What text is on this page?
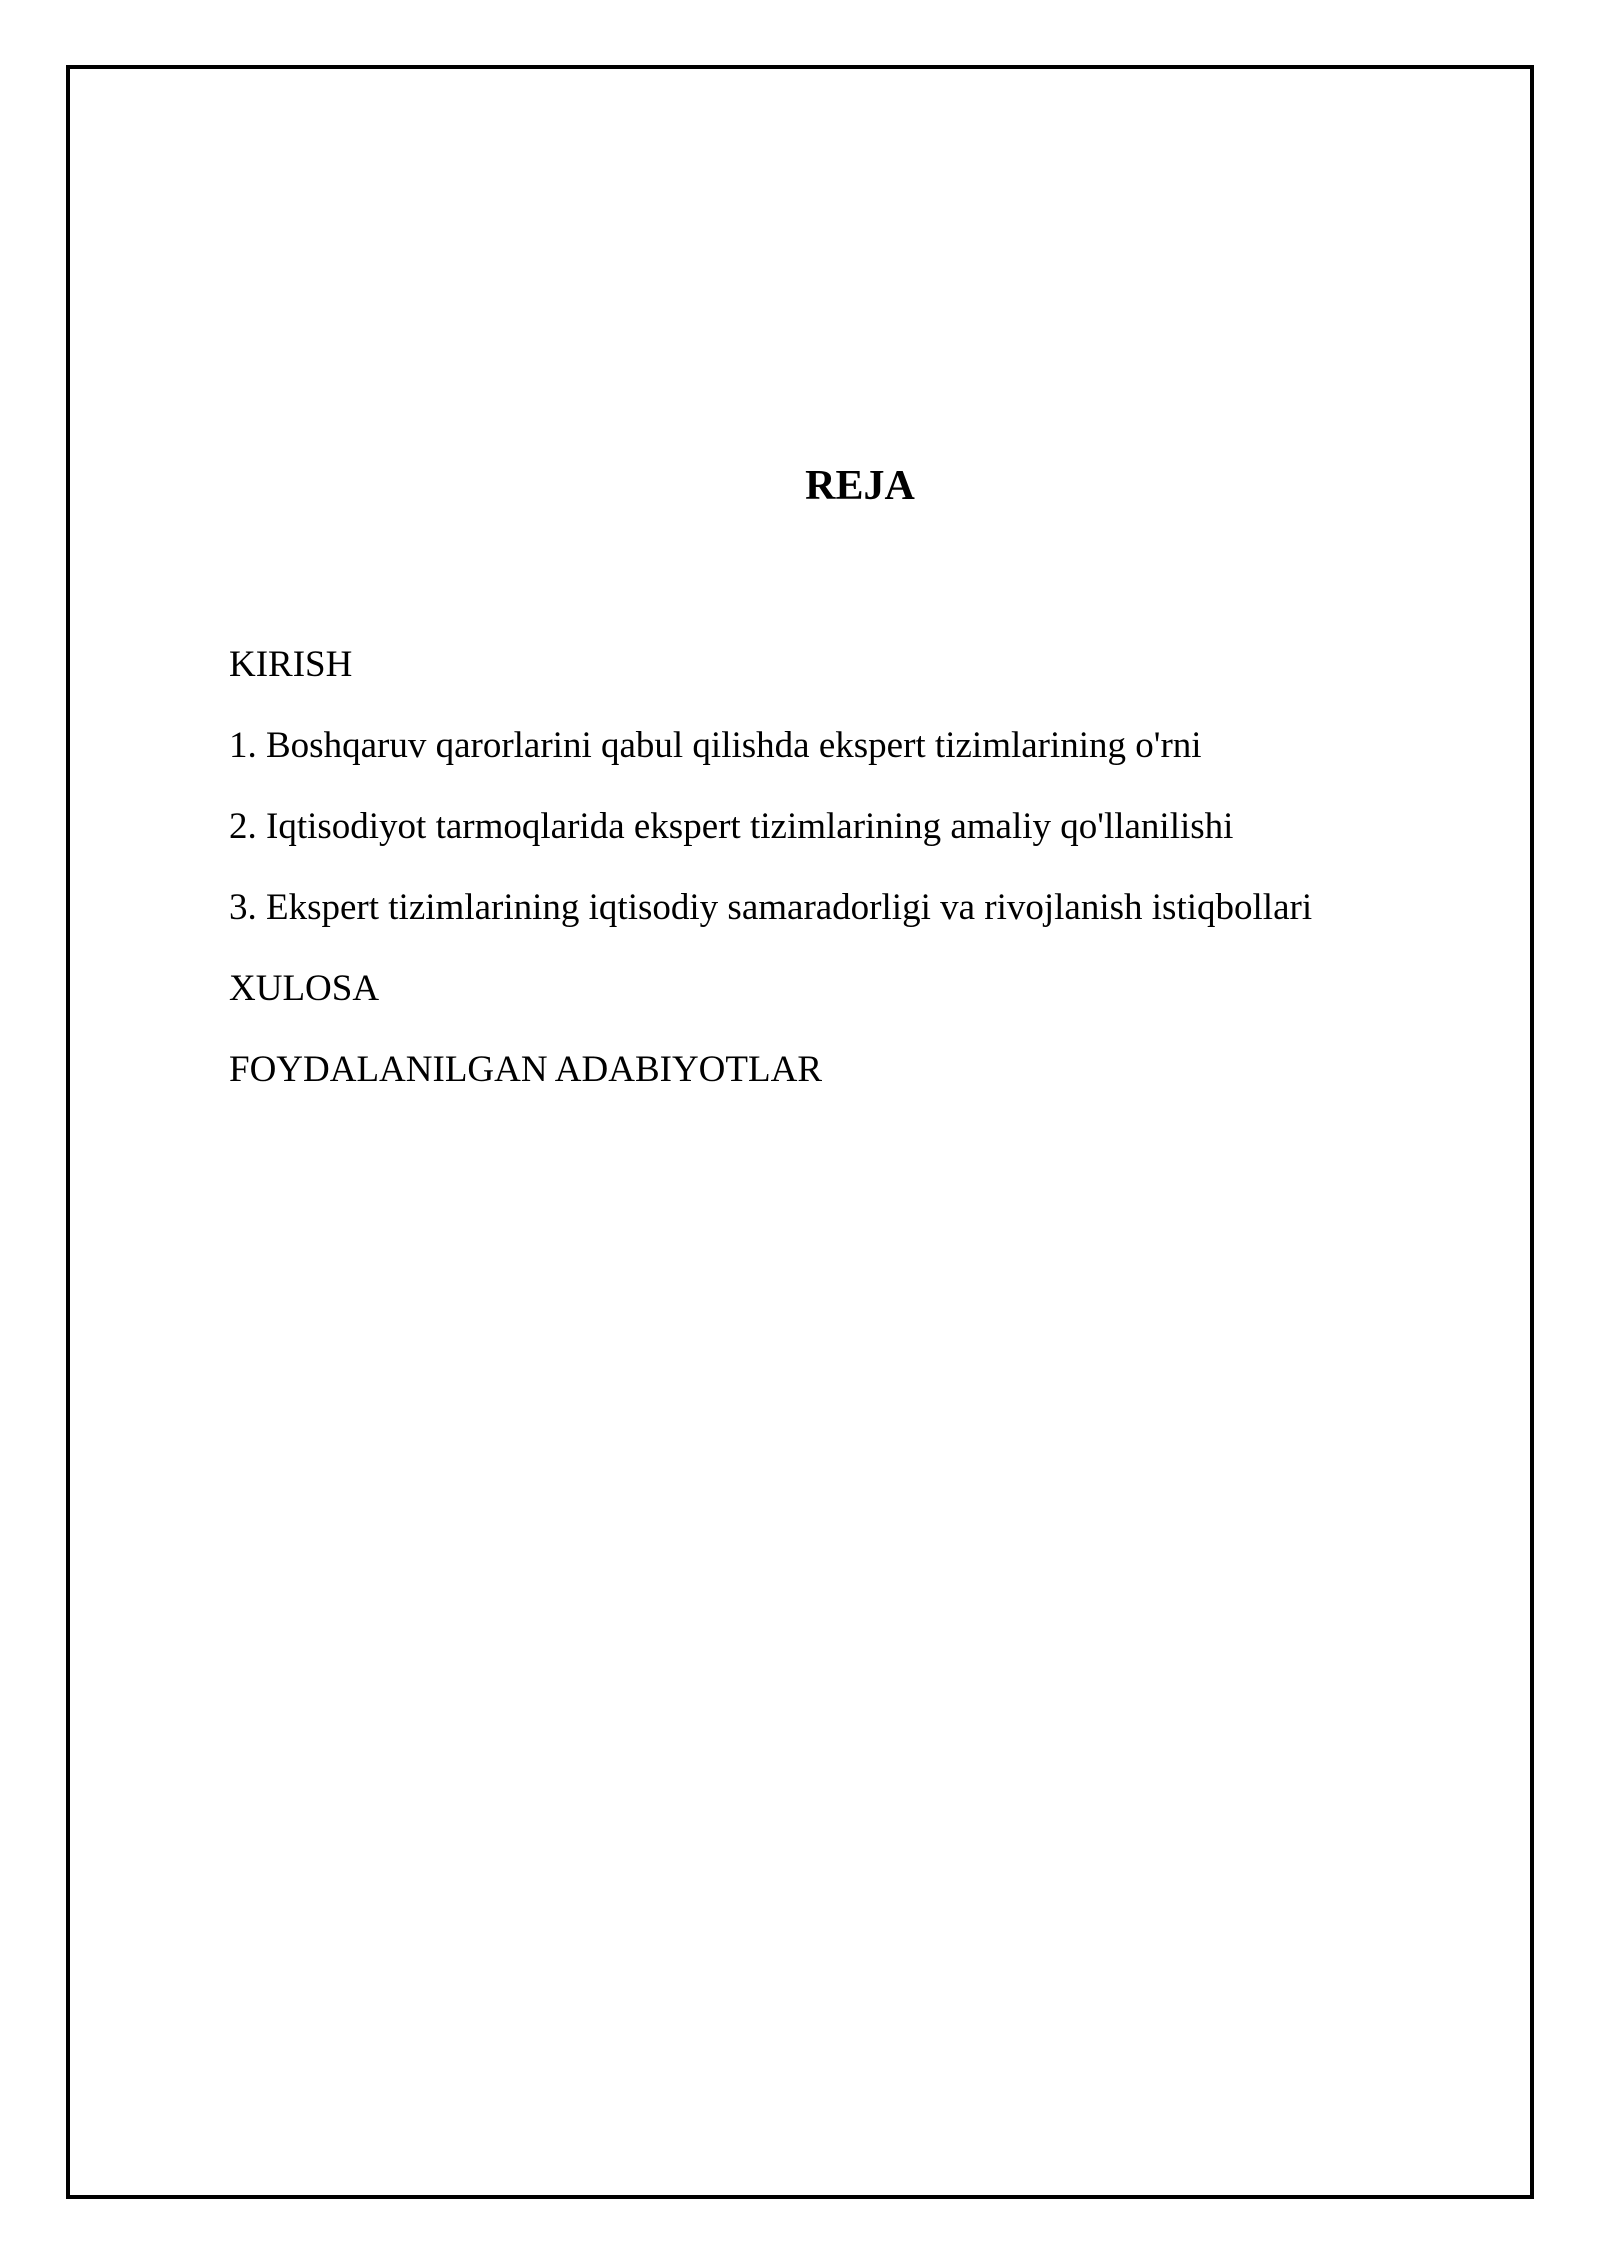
REJA
KIRISH
1. Boshqaruv qarorlarini qabul qilishda ekspert tizimlarining o'rni
2. Iqtisodiyot tarmoqlarida ekspert tizimlarining amaliy qo'llanilishi
3. Ekspert tizimlarining iqtisodiy samaradorligi va rivojlanish istiqbollari
XULOSA
FOYDALANILGAN ADABIYOTLAR
